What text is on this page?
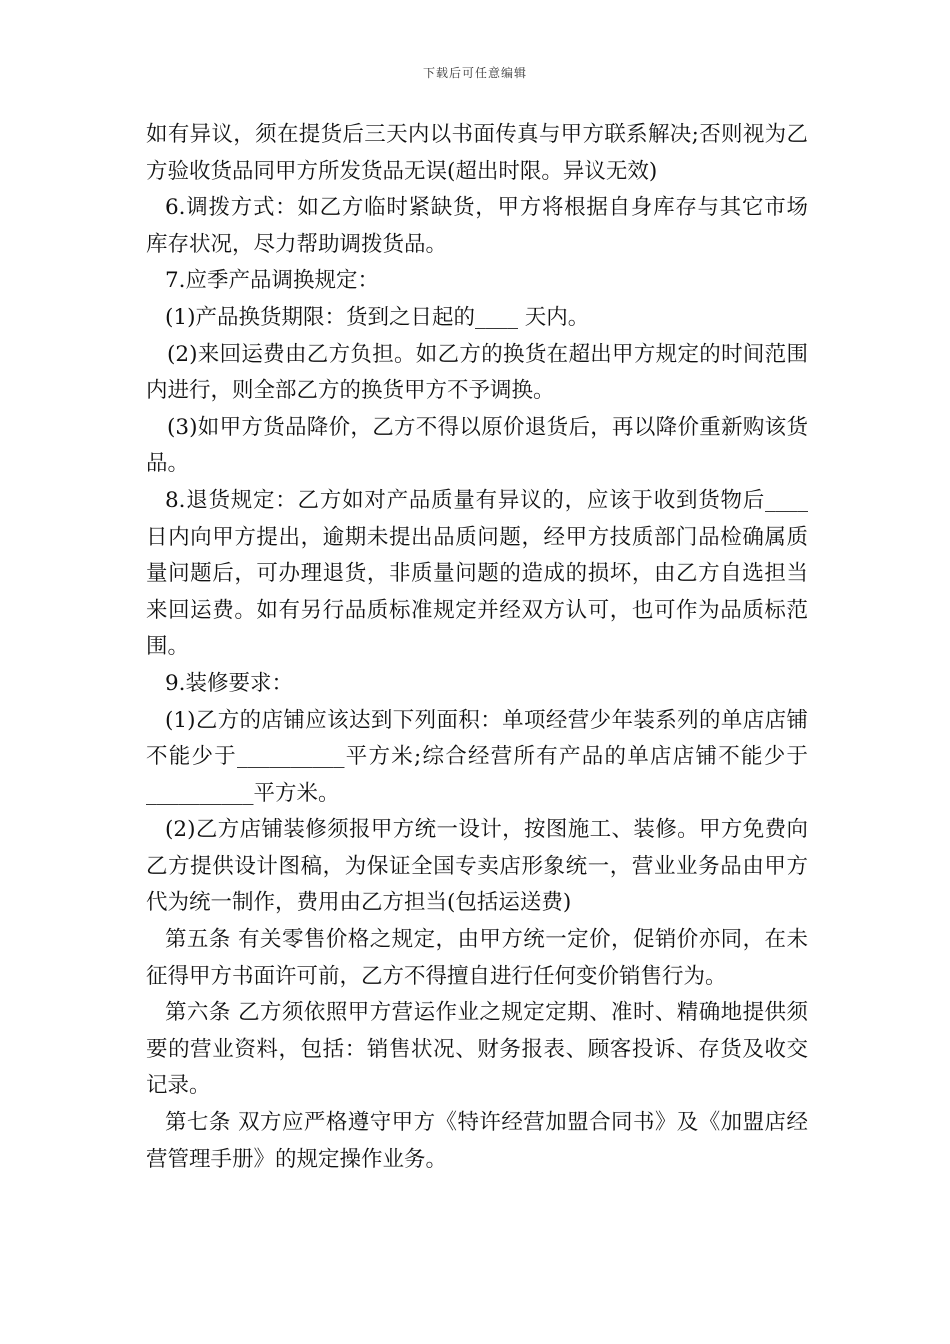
下载后可任意编辑

如有异议，须在提货后三天内以书面传真与甲方联系解决;否则视为乙方验收货品同甲方所发货品无误(超出时限。异议无效)

6.调拨方式：如乙方临时紧缺货，甲方将根据自身库存与其它市场库存状况，尽力帮助调拨货品。

7.应季产品调换规定：

(1)产品换货期限：货到之日起的____ 天内。

(2)来回运费由乙方负担。如乙方的换货在超出甲方规定的时间范围内进行，则全部乙方的换货甲方不予调换。

(3)如甲方货品降价，乙方不得以原价退货后，再以降价重新购该货品。

8.退货规定：乙方如对产品质量有异议的，应该于收到货物后____日内向甲方提出，逾期未提出品质问题，经甲方技质部门品检确属质量问题后，可办理退货，非质量问题的造成的损坏，由乙方自选担当来回运费。如有另行品质标准规定并经双方认可，也可作为品质标范围。

9.装修要求：

(1)乙方的店铺应该达到下列面积：单项经营少年装系列的单店店铺不能少于__________平方米;综合经营所有产品的单店店铺不能少于__________平方米。

(2)乙方店铺装修须报甲方统一设计，按图施工、装修。甲方免费向乙方提供设计图稿，为保证全国专卖店形象统一，营业业务品由甲方代为统一制作，费用由乙方担当(包括运送费)

第五条 有关零售价格之规定，由甲方统一定价，促销价亦同，在未征得甲方书面许可前，乙方不得擅自进行任何变价销售行为。

第六条 乙方须依照甲方营运作业之规定定期、准时、精确地提供须要的营业资料，包括：销售状况、财务报表、顾客投诉、存货及收交记录。

第七条 双方应严格遵守甲方《特许经营加盟合同书》及《加盟店经营管理手册》的规定操作业务。
